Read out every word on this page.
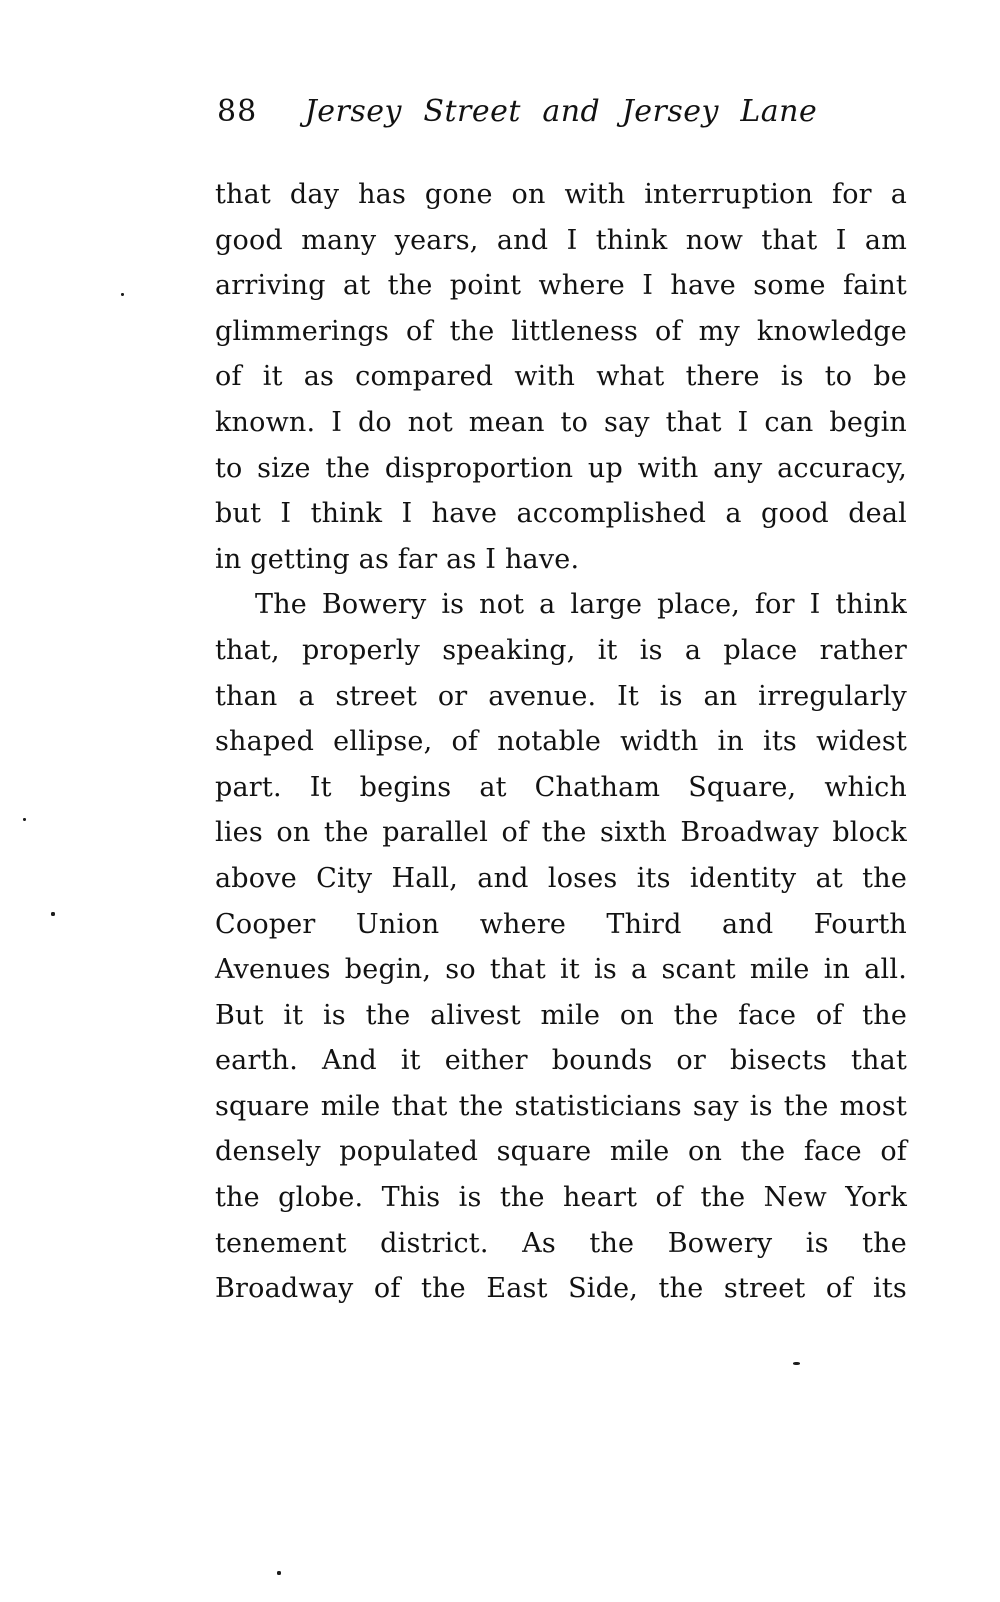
88 Jersey Street and Jersey Lane
that day has gone on with interruption for a
good many years, and I think now that I am
arriving at the point where I have some faint
glimmerings of the littleness of my knowledge
of it as compared with what there is to be
known. I do not mean to say that I can begin
to size the disproportion up with any accuracy,
but I think I have accomplished a good deal
in getting as far as I have.
The Bowery is not a large place, for I think
that, properly speaking, it is a place rather
than a street or avenue. It is an irregularly
shaped ellipse, of notable width in its widest
part. It begins at Chatham Square, which
lies on the parallel of the sixth Broadway block
above City Hall, and loses its identity at the
Cooper Union where Third and Fourth
Avenues begin, so that it is a scant mile in all.
But it is the alivest mile on the face of the
earth. And it either bounds or bisects that
square mile that the statisticians say is the most
densely populated square mile on the face of
the globe. This is the heart of the New York
tenement district. As the Bowery is the
Broadway of the East Side, the street of its
